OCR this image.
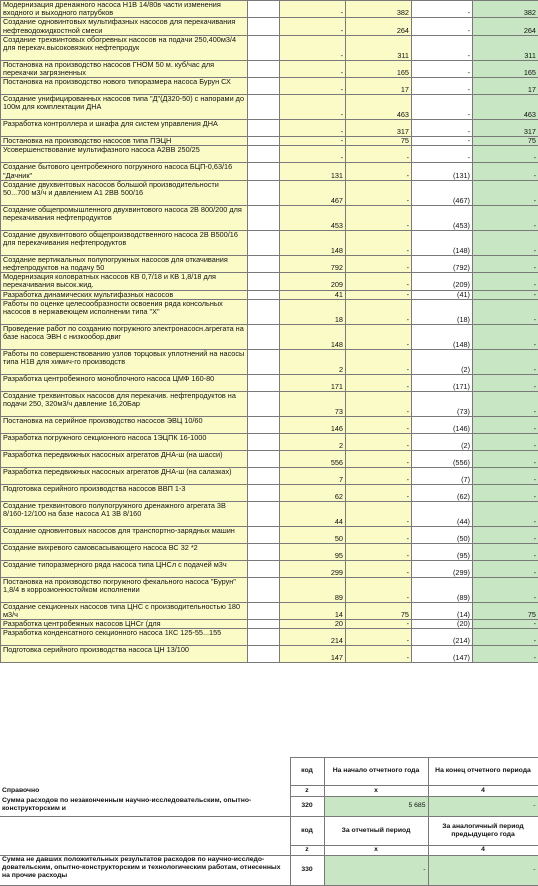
Модернизация дренажного насоса Н1В 14/80в части изменения входного и выходного патрубков		-	382	-	382
Создание одновинтовых мультифазных насосов для перекачивания нефтеводожидкостной смеси		-	264	-	264
Создание трехвинтовых обогревных насосов на подачи 250,400м3/4 для перекач.высоковязких нефтепродук		-	311	-	311
Постановка на производство насосов ГНОМ 50 м. куб/час для перекачки загрязненных		-	165	-	165
Постановка на производство нового типоразмера насоса Бурун СХ		-	17	-	17
Создание унифицированных насосов типа "Д"(Д320-50) с напорами до 100м для комплектации ДНА		-	463	-	463
Разработка контроллера и шкафа для систем управления ДНА		-	317	-	317
Постановка на производство насосов типа ПЭЦН		-	75	-	75
Усовершенствование мультифазного насоса А2ВВ 250/25		-	-	-	-
Создание бытового центробежного погружного насоса БЦП-0,63/16 "Дачник"		131	-	(131)	-
Создание двухвинтовых насосов большой производительности 50...700 м3/ч и давлением А1 2ВВ 500/16		467	-	(467)	-
Создание общепромышленного двухвинтового насоса 2В 800/200 для перекачивания нефтепродуктов		453	-	(453)	-
Создание двухвинтового общепроизводственного насоса 2В В500/16 для перекачивания нефтепродуктов		148	-	(148)	-
Создание вертикальных полупогружных насосов для откачивания нефтепродуктов на подачу 50		792	-	(792)	-
Модернизация коловратных насосов КВ 0,7/18 и КВ 1,8/18 для перекачивания высок.жид.		209	-	(209)	-
Разработка динамических мультифазных насосов		41	-	(41)	-
Работы по оценке целесообразности освоения ряда консольных насосов в нержавеющем исполнении типа "Х"		18	-	(18)	-
Проведение работ по созданию погружного электронасосн.агрегата на базе насоса ЭВН с низкообор.двиг		148	-	(148)	-
Работы по совершенствованию узлов торцовых уплотнений на насосы типа Н1В для химич-го производств		2	-	(2)	-
Разработка центробежного моноблочного насоса ЦМФ 160-80		171	-	(171)	-
Создание трехвинтовых насосов для перекачив. нефтепродуктов на подачи 250, 320м3/ч давление 16,20Бар		73	-	(73)	-
Постановка на серийное производство насосов ЭВЦ 10/60		146	-	(146)	-
Разработка погружного секционного насоса 1ЭЦПК 16-1000		2	-	(2)	-
Разработка передвижных насосных агрегатов ДНА-ш (на шасси)		556	-	(556)	-
Разработка передвижных насосных агрегатов ДНА-ш (на салазках)		7	-	(7)	-
Подготовка серийного производства насосов ВВП 1-3		62	-	(62)	-
Создание трехвинтового полупогружного дренажного агрегата 3В 8/160-12/100 на базе насоса А1 3В 8/160		44	-	(44)	-
Создание одновинтовых насосов для транспортно-зарядных машин		50	-	(50)	-
Создание вихревого самовсасывающего насоса ВС 32 *2		95	-	(95)	-
Создание типоразмерного ряда насоса типа ЦНСл с подачей м3ч		299	-	(299)	-
Постановка на производство погружного фекального насоса "Бурун" 1,8/4 в коррозионностойком исполнении		89	-	(89)	-
Создание секционных насосов типа ЦНС с производительностью 180 м3/ч		14	75	(14)	75
Разработка центробежных насосов ЦНСг (для		20	-	(20)	-
Разработка конденсатного секционного насоса 1КС 125-55...155		214	-	(214)	-
Подготовка серийного производства насоса ЦН 13/100		147	-	(147)	-
	код	На начало отчетного года	На конец отчетного периода
Справочно	z	x	4
Сумма расходов по незаконченным научно-исследовательским, опытно-конструкторским и	320	5 685	-
	код	За отчетный период	За аналогичный период предыдущего года
	z	x	4
Сумма не давших положительных результатов расходов по научно-исследо-довательским, опытно-конструкторским и технологическим работам, отнесенных на прочие расходы	330	-	-
